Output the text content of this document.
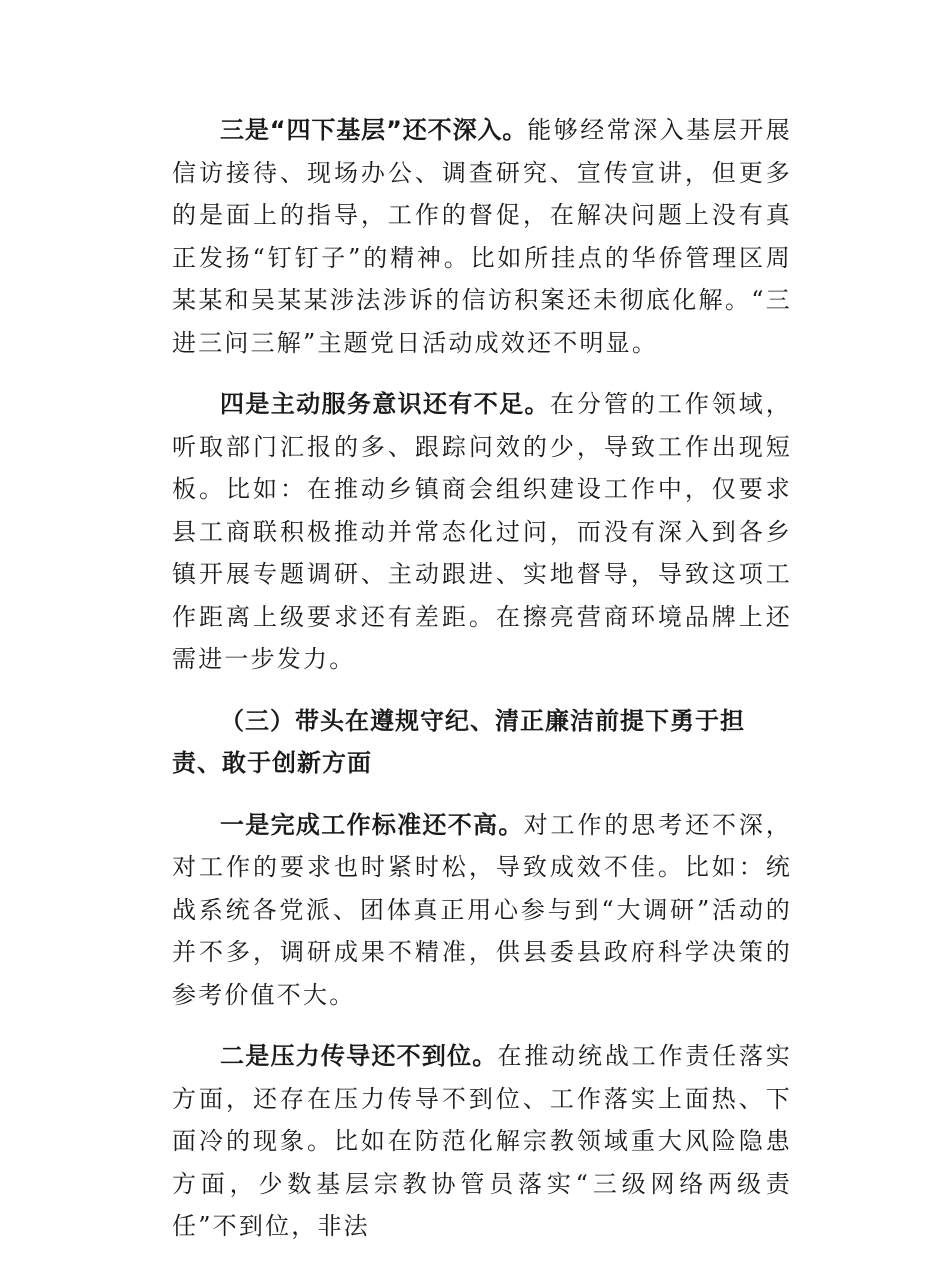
三是“四下基层”还不深入。能够经常深入基层开展信访接待、现场办公、调查研究、宣传宣讲，但更多的是面上的指导，工作的督促，在解决问题上没有真正发扬“钉钉子”的精神。比如所挂点的华侨管理区周某某和吴某某涉法涉诉的信访积案还未彻底化解。“三进三问三解”主题党日活动成效还不明显。

四是主动服务意识还有不足。在分管的工作领域，听取部门汇报的多、跟踪问效的少，导致工作出现短板。比如：在推动乡镇商会组织建设工作中，仅要求县工商联积极推动并常态化过问，而没有深入到各乡镇开展专题调研、主动跟进、实地督导，导致这项工作距离上级要求还有差距。在擦亮营商环境品牌上还需进一步发力。

（三）带头在遵规守纪、清正廉洁前提下勇于担责、敢于创新方面

一是完成工作标准还不高。对工作的思考还不深，对工作的要求也时紧时松，导致成效不佳。比如：统战系统各党派、团体真正用心参与到“大调研”活动的并不多，调研成果不精准，供县委县政府科学决策的参考价值不大。

二是压力传导还不到位。在推动统战工作责任落实方面，还存在压力传导不到位、工作落实上面热、下面冷的现象。比如在防范化解宗教领域重大风险隐患方面，少数基层宗教协管员落实“三级网络两级责任”不到位，非法
